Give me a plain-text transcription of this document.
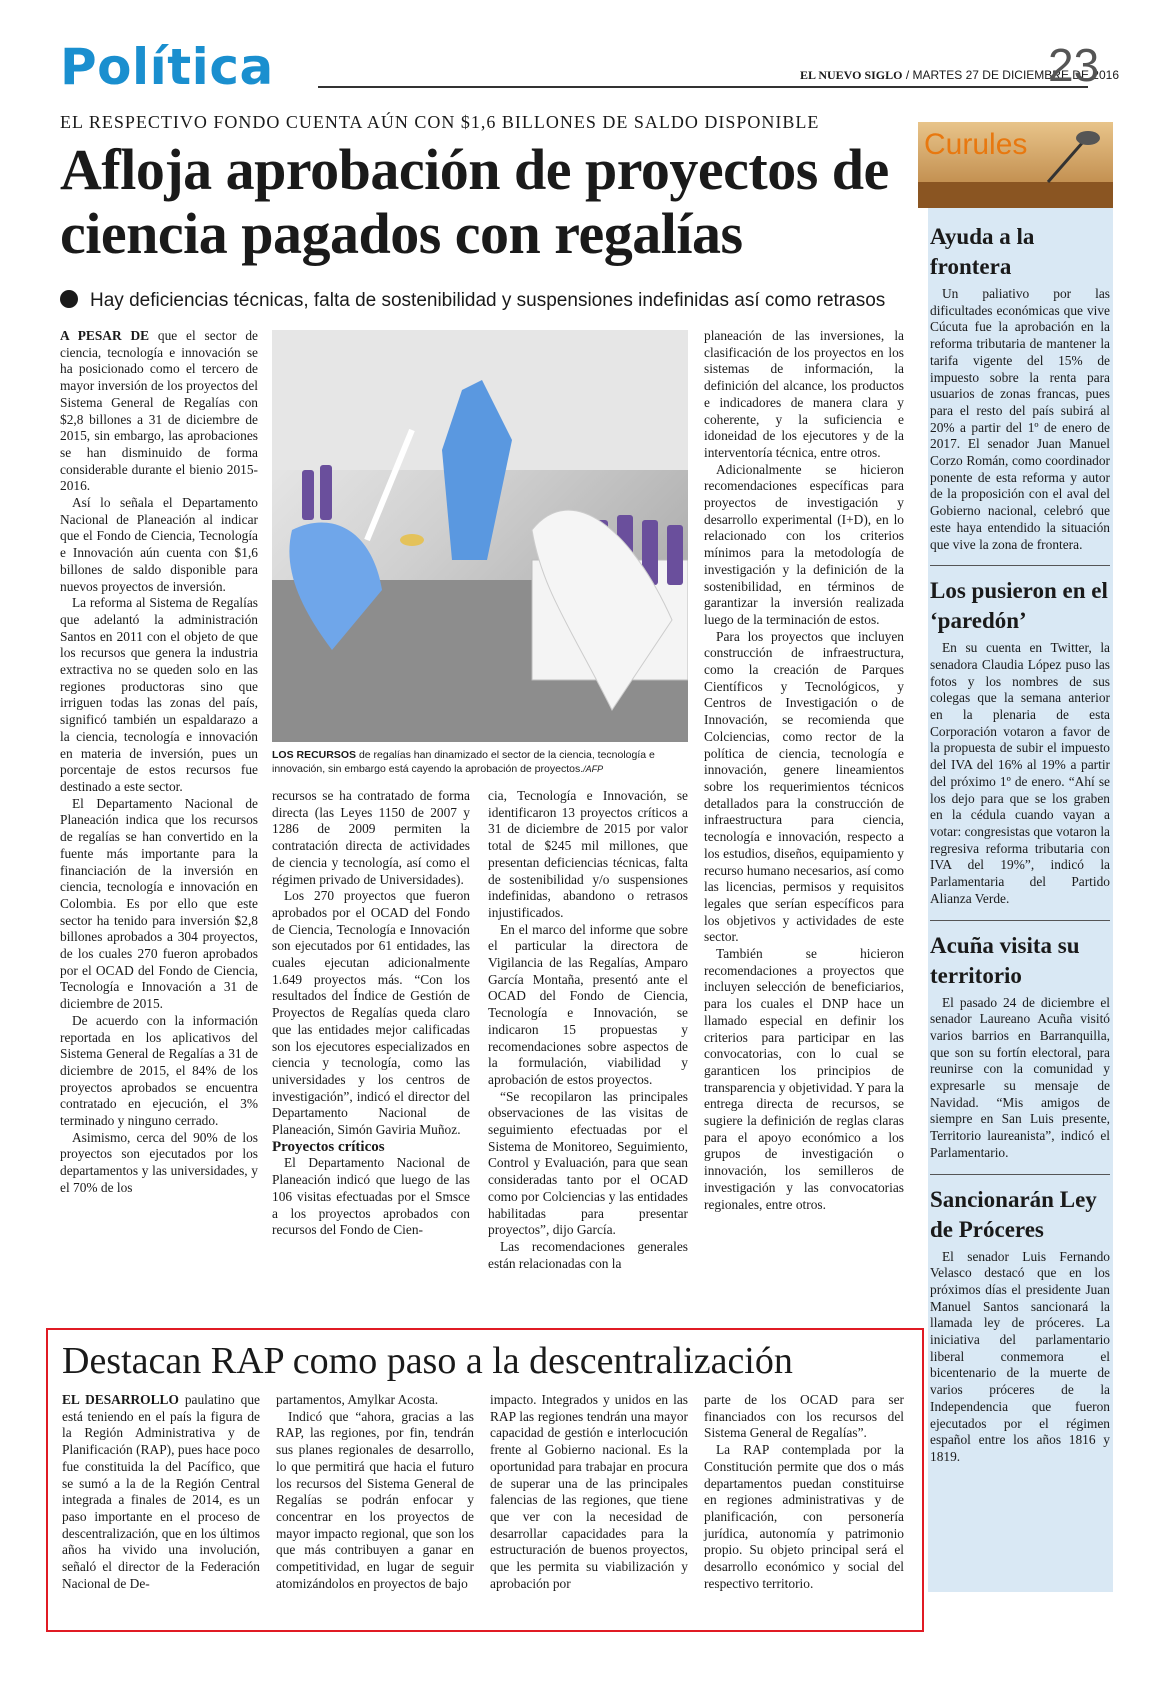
Política	EL NUEVO SIGLO / MARTES 27 DE DICIEMBRE DE 2016
23
EL RESPECTIVO FONDO CUENTA AÚN CON $1,6 BILLONES DE SALDO DISPONIBLE
Afloja aprobación de proyectos de ciencia pagados con regalías
Hay deficiencias técnicas, falta de sostenibilidad y suspensiones indefinidas así como retrasos

A PESAR DE que el sector de ciencia, tecnología e innovación se ha posicionado como el tercero de mayor inversión de los proyectos del Sistema General de Regalías con $2,8 billones a 31 de diciembre de 2015, sin embargo, las aprobaciones se han disminuido de forma considerable durante el bienio 2015-2016.

Así lo señala el Departamento Nacional de Planeación al indicar que el Fondo de Ciencia, Tecnología e Innovación aún cuenta con $1,6 billones de saldo disponible para nuevos proyectos de inversión.

La reforma al Sistema de Regalías que adelantó la administración Santos en 2011 con el objeto de que los recursos que genera la industria extractiva no se queden solo en las regiones productoras sino que irriguen todas las zonas del país, significó también un espaldarazo a la ciencia, tecnología e innovación en materia de inversión, pues un porcentaje de estos recursos fue destinado a este sector.

El Departamento Nacional de Planeación indica que los recursos de regalías se han convertido en la fuente más importante para la financiación de la inversión en ciencia, tecnología e innovación en Colombia. Es por ello que este sector ha tenido para inversión $2,8 billones aprobados a 304 proyectos, de los cuales 270 fueron aprobados por el OCAD del Fondo de Ciencia, Tecnología e Innovación a 31 de diciembre de 2015.

De acuerdo con la información reportada en los aplicativos del Sistema General de Regalías a 31 de diciembre de 2015, el 84% de los proyectos aprobados se encuentra contratado en ejecución, el 3% terminado y ninguno cerrado.

Asimismo, cerca del 90% de los proyectos son ejecutados por los departamentos y las universidades, y el 70% de los

LOS RECURSOS de regalías han dinamizado el sector de la ciencia, tecnología e innovación, sin embargo está cayendo la aprobación de proyectos./AFP

recursos se ha contratado de forma directa (las Leyes 1150 de 2007 y 1286 de 2009 permiten la contratación directa de actividades de ciencia y tecnología, así como el régimen privado de Universidades).

Los 270 proyectos que fueron aprobados por el OCAD del Fondo de Ciencia, Tecnología e Innovación son ejecutados por 61 entidades, las cuales ejecutan adicionalmente 1.649 proyectos más. “Con los resultados del Índice de Gestión de Proyectos de Regalías queda claro que las entidades mejor calificadas son los ejecutores especializados en ciencia y tecnología, como las universidades y los centros de investigación”, indicó el director del Departamento Nacional de Planeación, Simón Gaviria Muñoz.

Proyectos críticos

El Departamento Nacional de Planeación indicó que luego de las 106 visitas efectuadas por el Smsce a los proyectos aprobados con recursos del Fondo de Cien-

cia, Tecnología e Innovación, se identificaron 13 proyectos críticos a 31 de diciembre de 2015 por valor total de $245 mil millones, que presentan deficiencias técnicas, falta de sostenibilidad y/o suspensiones indefinidas, abandono o retrasos injustificados.

En el marco del informe que sobre el particular la directora de Vigilancia de las Regalías, Amparo García Montaña, presentó ante el OCAD del Fondo de Ciencia, Tecnología e Innovación, se indicaron 15 propuestas y recomendaciones sobre aspectos de la formulación, viabilidad y aprobación de estos proyectos.

“Se recopilaron las principales observaciones de las visitas de seguimiento efectuadas por el Sistema de Monitoreo, Seguimiento, Control y Evaluación, para que sean consideradas tanto por el OCAD como por Colciencias y las entidades habilitadas para presentar proyectos”, dijo García.

Las recomendaciones generales están relacionadas con la

planeación de las inversiones, la clasificación de los proyectos en los sistemas de información, la definición del alcance, los productos e indicadores de manera clara y coherente, y la suficiencia e idoneidad de los ejecutores y de la interventoría técnica, entre otros.

Adicionalmente se hicieron recomendaciones específicas para proyectos de investigación y desarrollo experimental (I+D), en lo relacionado con los criterios mínimos para la metodología de investigación y la definición de la sostenibilidad, en términos de garantizar la inversión realizada luego de la terminación de estos.

Para los proyectos que incluyen construcción de infraestructura, como la creación de Parques Científicos y Tecnológicos, y Centros de Investigación o de Innovación, se recomienda que Colciencias, como rector de la política de ciencia, tecnología e innovación, genere lineamientos sobre los requerimientos técnicos detallados para la construcción de infraestructura para ciencia, tecnología e innovación, respecto a los estudios, diseños, equipamiento y recurso humano necesarios, así como las licencias, permisos y requisitos legales que serían específicos para los objetivos y actividades de este sector.

También se hicieron recomendaciones a proyectos que incluyen selección de beneficiarios, para los cuales el DNP hace un llamado especial en definir los criterios para participar en las convocatorias, con lo cual se garanticen los principios de transparencia y objetividad. Y para la entrega directa de recursos, se sugiere la definición de reglas claras para el apoyo económico a los grupos de investigación o innovación, los semilleros de investigación y las convocatorias regionales, entre otros.

Curules
Ayuda a la frontera

Un paliativo por las dificultades económicas que vive Cúcuta fue la aprobación en la reforma tributaria de mantener la tarifa vigente del 15% de impuesto sobre la renta para usuarios de zonas francas, pues para el resto del país subirá al 20% a partir del 1º de enero de 2017. El senador Juan Manuel Corzo Román, como coordinador ponente de esta reforma y autor de la proposición con el aval del Gobierno nacional, celebró que este haya entendido la situación que vive la zona de frontera.

Los pusieron en el ‘paredón’

En su cuenta en Twitter, la senadora Claudia López puso las fotos y los nombres de sus colegas que la semana anterior en la plenaria de esta Corporación votaron a favor de la propuesta de subir el impuesto del IVA del 16% al 19% a partir del próximo 1º de enero. “Ahí se los dejo para que se los graben en la cédula cuando vayan a votar: congresistas que votaron la regresiva reforma tributaria con IVA del 19%”, indicó la Parlamentaria del Partido Alianza Verde.

Acuña visita su territorio

El pasado 24 de diciembre el senador Laureano Acuña visitó varios barrios en Barranquilla, que son su fortín electoral, para reunirse con la comunidad y expresarle su mensaje de Navidad. “Mis amigos de siempre en San Luis presente, Territorio laureanista”, indicó el Parlamentario.

Sancionarán Ley de Próceres

El senador Luis Fernando Velasco destacó que en los próximos días el presidente Juan Manuel Santos sancionará la llamada ley de próceres. La iniciativa del parlamentario liberal conmemora el bicentenario de la muerte de varios próceres de la Independencia que fueron ejecutados por el régimen español entre los años 1816 y 1819.

Destacan RAP como paso a la descentralización

EL DESARROLLO paulatino que está teniendo en el país la figura de la Región Administrativa y de Planificación (RAP), pues hace poco fue constituida la del Pacífico, que se sumó a la de la Región Central integrada a finales de 2014, es un paso importante en el proceso de descentralización, que en los últimos años ha vivido una involución, señaló el director de la Federación Nacional de De-

partamentos, Amylkar Acosta.

Indicó que “ahora, gracias a las RAP, las regiones, por fin, tendrán sus planes regionales de desarrollo, lo que permitirá que hacia el futuro los recursos del Sistema General de Regalías se podrán enfocar y concentrar en los proyectos de mayor impacto regional, que son los que más contribuyen a ganar en competitividad, en lugar de seguir atomizándolos en proyectos de bajo

impacto. Integrados y unidos en las RAP las regiones tendrán una mayor capacidad de gestión e interlocución frente al Gobierno nacional. Es la oportunidad para trabajar en procura de superar una de las principales falencias de las regiones, que tiene que ver con la necesidad de desarrollar capacidades para la estructuración de buenos proyectos, que les permita su viabilización y aprobación por

parte de los OCAD para ser financiados con los recursos del Sistema General de Regalías”.

La RAP contemplada por la Constitución permite que dos o más departamentos puedan constituirse en regiones administrativas y de planificación, con personería jurídica, autonomía y patrimonio propio. Su objeto principal será el desarrollo económico y social del respectivo territorio.
